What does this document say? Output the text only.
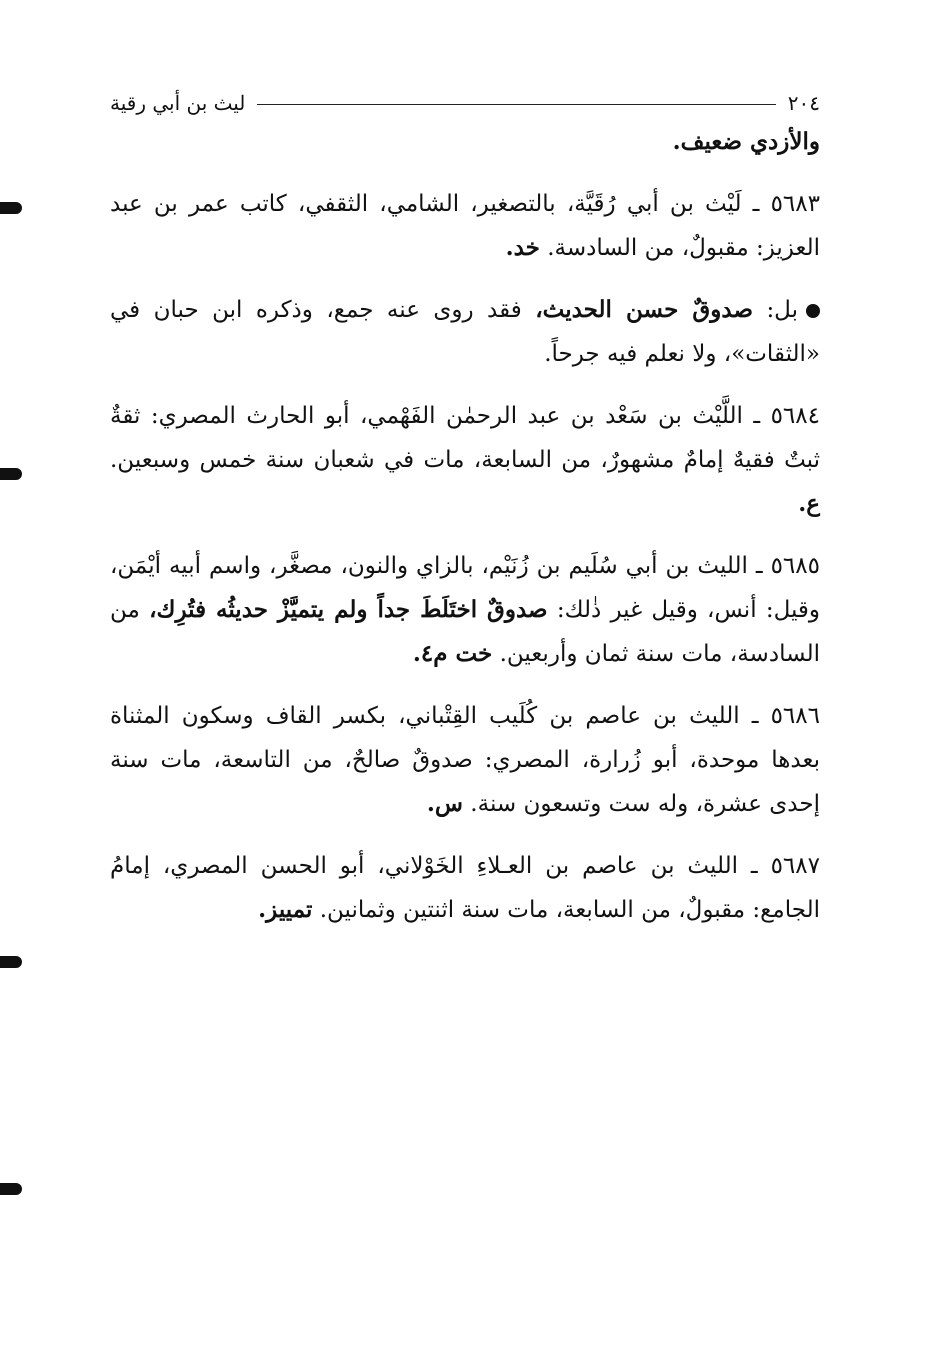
٢٠٤
ليث بن أبي رقية

والأزدي ضعيف.

٥٦٨٣ ـ لَيْث بن أبي رُقَيَّة، بالتصغير، الشامي، الثقفي، كاتب عمر بن عبد العزيز: مقبولٌ، من السادسة. خد.

بل: صدوقٌ حسن الحديث، فقد روى عنه جمع، وذكره ابن حبان في «الثقات»، ولا نعلم فيه جرحاً.

٥٦٨٤ ـ اللَّيْث بن سَعْد بن عبد الرحمٰن الفَهْمي، أبو الحارث المصري: ثقةٌ ثبتٌ فقيهٌ إمامٌ مشهورٌ، من السابعة، مات في شعبان سنة خمس وسبعين. ع.

٥٦٨٥ ـ الليث بن أبي سُلَيم بن زُنَيْم، بالزاي والنون، مصغَّر، واسم أبيه أيْمَن، وقيل: أنس، وقيل غير ذٰلك: صدوقٌ اختَلَطَ جداً ولم يتميَّزْ حديثُه فتُرِك، من السادسة، مات سنة ثمان وأربعين. خت م٤.

٥٦٨٦ ـ الليث بن عاصم بن كُلَيب القِتْباني، بكسر القاف وسكون المثناة بعدها موحدة، أبو زُرارة، المصري: صدوقٌ صالحٌ، من التاسعة، مات سنة إحدى عشرة، وله ست وتسعون سنة. س.

٥٦٨٧ ـ الليث بن عاصم بن العـلاءِ الخَوْلاني، أبو الحسن المصري، إمامُ الجامع: مقبولٌ، من السابعة، مات سنة اثنتين وثمانين. تمييز.
